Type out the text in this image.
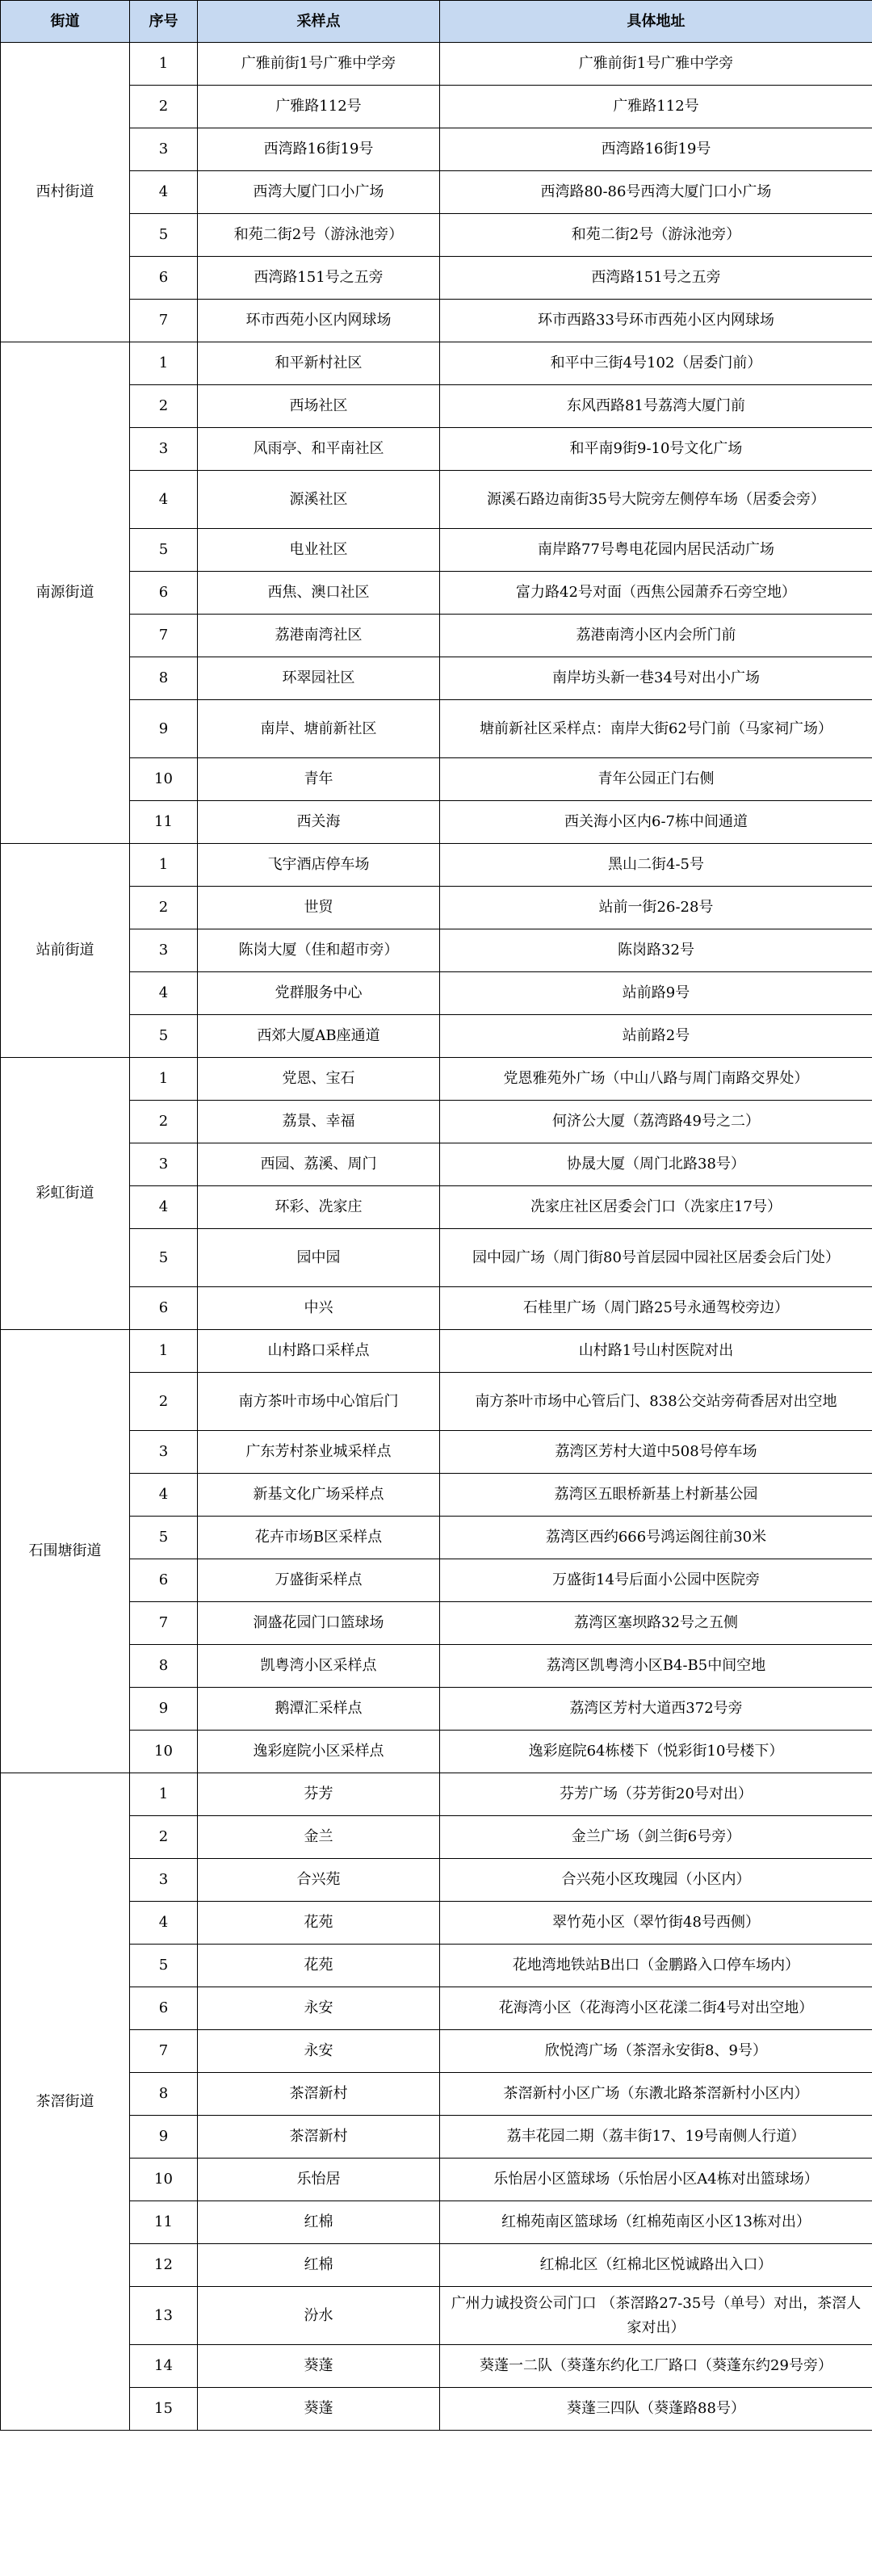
街道	序号	采样点	具体地址
西村街道	1	广雅前街1号广雅中学旁	广雅前街1号广雅中学旁
	2	广雅路112号	广雅路112号
	3	西湾路16街19号	西湾路16街19号
	4	西湾大厦门口小广场	西湾路80-86号西湾大厦门口小广场
	5	和苑二街2号（游泳池旁）	和苑二街2号（游泳池旁）
	6	西湾路151号之五旁	西湾路151号之五旁
	7	环市西苑小区内网球场	环市西路33号环市西苑小区内网球场
南源街道	1	和平新村社区	和平中三街4号102（居委门前）
	2	西场社区	东风西路81号荔湾大厦门前
	3	风雨亭、和平南社区	和平南9街9-10号文化广场
	4	源溪社区	源溪石路边南街35号大院旁左侧停车场（居委会旁）
	5	电业社区	南岸路77号粤电花园内居民活动广场
	6	西焦、澳口社区	富力路42号对面（西焦公园萧乔石旁空地）
	7	荔港南湾社区	荔港南湾小区内会所门前
	8	环翠园社区	南岸坊头新一巷34号对出小广场
	9	南岸、塘前新社区	塘前新社区采样点：南岸大街62号门前（马家祠广场）
	10	青年	青年公园正门右侧
	11	西关海	西关海小区内6-7栋中间通道
站前街道	1	飞宇酒店停车场	黑山二街4-5号
	2	世贸	站前一街26-28号
	3	陈岗大厦（佳和超市旁）	陈岗路32号
	4	党群服务中心	站前路9号
	5	西郊大厦AB座通道	站前路2号
彩虹街道	1	党恩、宝石	党恩雅苑外广场（中山八路与周门南路交界处）
	2	荔景、幸福	何济公大厦（荔湾路49号之二）
	3	西园、荔溪、周门	协晟大厦（周门北路38号）
	4	环彩、冼家庄	冼家庄社区居委会门口（冼家庄17号）
	5	园中园	园中园广场（周门街80号首层园中园社区居委会后门处）
	6	中兴	石桂里广场（周门路25号永通驾校旁边）
石围塘街道	1	山村路口采样点	山村路1号山村医院对出
	2	南方茶叶市场中心馆后门	南方茶叶市场中心管后门、838公交站旁荷香居对出空地
	3	广东芳村茶业城采样点	荔湾区芳村大道中508号停车场
	4	新基文化广场采样点	荔湾区五眼桥新基上村新基公园
	5	花卉市场B区采样点	荔湾区西约666号鸿运阁往前30米
	6	万盛街采样点	万盛街14号后面小公园中医院旁
	7	洞盛花园门口篮球场	荔湾区塞坝路32号之五侧
	8	凯粤湾小区采样点	荔湾区凯粤湾小区B4-B5中间空地
	9	鹅潭汇采样点	荔湾区芳村大道西372号旁
	10	逸彩庭院小区采样点	逸彩庭院64栋楼下（悦彩街10号楼下）
茶滘街道	1	芬芳	芬芳广场（芬芳街20号对出）
	2	金兰	金兰广场（剑兰街6号旁）
	3	合兴苑	合兴苑小区玫瑰园（小区内）
	4	花苑	翠竹苑小区（翠竹街48号西侧）
	5	花苑	花地湾地铁站B出口（金鹏路入口停车场内）
	6	永安	花海湾小区（花海湾小区花漾二街4号对出空地）
	7	永安	欣悦湾广场（茶滘永安街8、9号）
	8	茶滘新村	茶滘新村小区广场（东漖北路茶滘新村小区内）
	9	茶滘新村	荔丰花园二期（荔丰街17、19号南侧人行道）
	10	乐怡居	乐怡居小区篮球场（乐怡居小区A4栋对出篮球场）
	11	红棉	红棉苑南区篮球场（红棉苑南区小区13栋对出）
	12	红棉	红棉北区（红棉北区悦诚路出入口）
	13	汾水	广州力诚投资公司门口 （茶滘路27-35号（单号）对出，茶滘人家对出）
	14	葵蓬	葵蓬一二队（葵蓬东约化工厂路口（葵蓬东约29号旁）
	15	葵蓬	葵蓬三四队（葵蓬路88号）
